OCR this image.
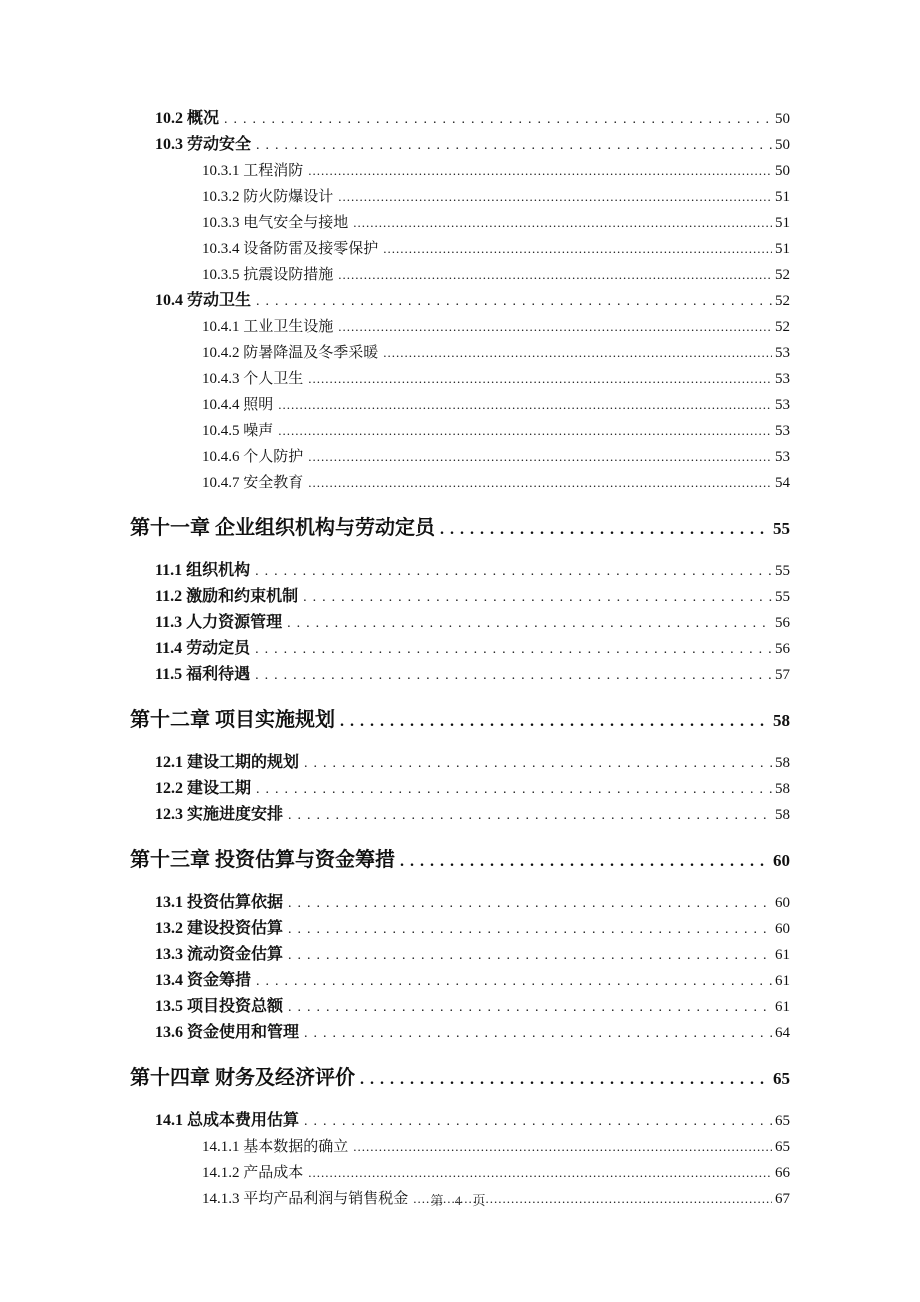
10.2 概况 .....	50
10.3 劳动安全 .....	50
10.3.1 工程消防 .....	50
10.3.2 防火防爆设计 .....	51
10.3.3 电气安全与接地 .....	51
10.3.4 设备防雷及接零保护 .....	51
10.3.5 抗震设防措施 .....	52
10.4 劳动卫生 .....	52
10.4.1 工业卫生设施 .....	52
10.4.2 防暑降温及冬季采暖 .....	53
10.4.3 个人卫生 .....	53
10.4.4 照明 .....	53
10.4.5 噪声 .....	53
10.4.6 个人防护 .....	53
10.4.7 安全教育 .....	54
第十一章 企业组织机构与劳动定员 .....	55
11.1 组织机构 .....	55
11.2 激励和约束机制 .....	55
11.3 人力资源管理 .....	56
11.4 劳动定员 .....	56
11.5 福利待遇 .....	57
第十二章 项目实施规划 .....	58
12.1 建设工期的规划 .....	58
12.2 建设工期 .....	58
12.3 实施进度安排 .....	58
第十三章 投资估算与资金筹措 .....	60
13.1 投资估算依据 .....	60
13.2 建设投资估算 .....	60
13.3 流动资金估算 .....	61
13.4 资金筹措 .....	61
13.5 项目投资总额 .....	61
13.6 资金使用和管理 .....	64
第十四章 财务及经济评价 .....	65
14.1 总成本费用估算 .....	65
14.1.1 基本数据的确立 .....	65
14.1.2 产品成本 .....	66
14.1.3 平均产品利润与销售税金 .....	67
第 4 页
